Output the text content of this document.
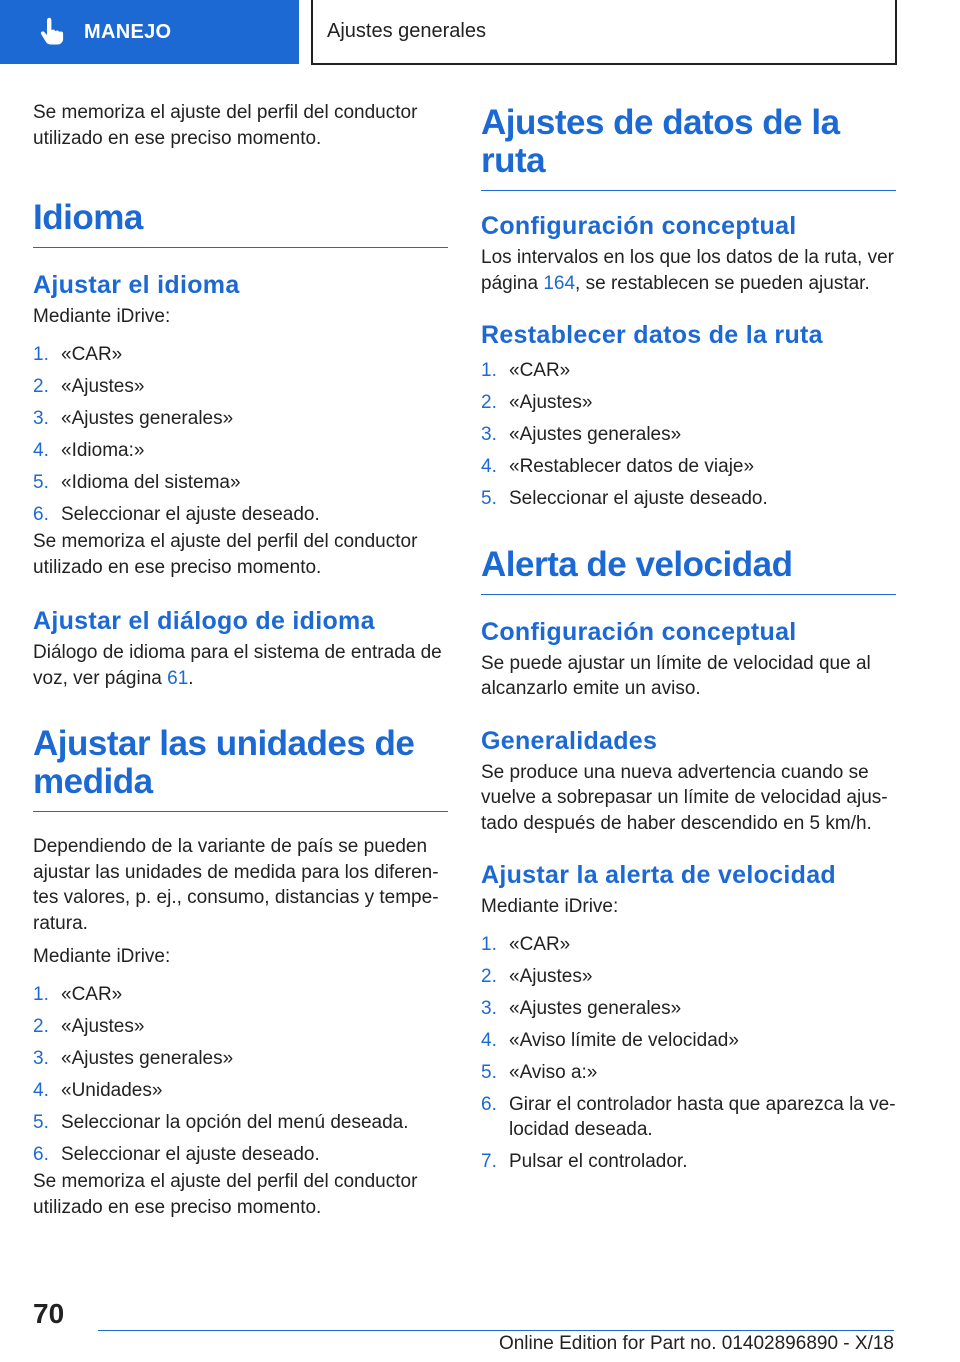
MANEJO	Ajustes generales

Se memoriza el ajuste del perfil del conductor utilizado en ese preciso momento.

Idioma
Ajustar el idioma

Mediante iDrive:

1. «CAR»
2. «Ajustes»
3. «Ajustes generales»
4. «Idioma:»
5. «Idioma del sistema»
6. Seleccionar el ajuste deseado.

Se memoriza el ajuste del perfil del conductor utilizado en ese preciso momento.

Ajustar el diálogo de idioma

Diálogo de idioma para el sistema de entrada de voz, ver página 61.

Ajustar las unidades de
medida

Dependiendo de la variante de país se pueden ajustar las unidades de medida para los diferentes valores, p. ej., consumo, distancias y temperatura.

Mediante iDrive:

1. «CAR»
2. «Ajustes»
3. «Ajustes generales»
4. «Unidades»
5. Seleccionar la opción del menú deseada.
6. Seleccionar el ajuste deseado.

Se memoriza el ajuste del perfil del conductor utilizado en ese preciso momento.

Ajustes de datos de la ruta
Configuración conceptual

Los intervalos en los que los datos de la ruta, ver página 164, se restablecen se pueden ajustar.

Restablecer datos de la ruta
1. «CAR»
2. «Ajustes»
3. «Ajustes generales»
4. «Restablecer datos de viaje»
5. Seleccionar el ajuste deseado.
Alerta de velocidad
Configuración conceptual

Se puede ajustar un límite de velocidad que al alcanzarlo emite un aviso.

Generalidades

Se produce una nueva advertencia cuando se vuelve a sobrepasar un límite de velocidad ajustado después de haber descendido en 5 km/h.

Ajustar la alerta de velocidad

Mediante iDrive:

1. «CAR»
2. «Ajustes»
3. «Ajustes generales»
4. «Aviso límite de velocidad»
5. «Aviso a:»
6. Girar el controlador hasta que aparezca la velocidad deseada.
7. Pulsar el controlador.
70
Online Edition for Part no. 01402896890 - X/18
